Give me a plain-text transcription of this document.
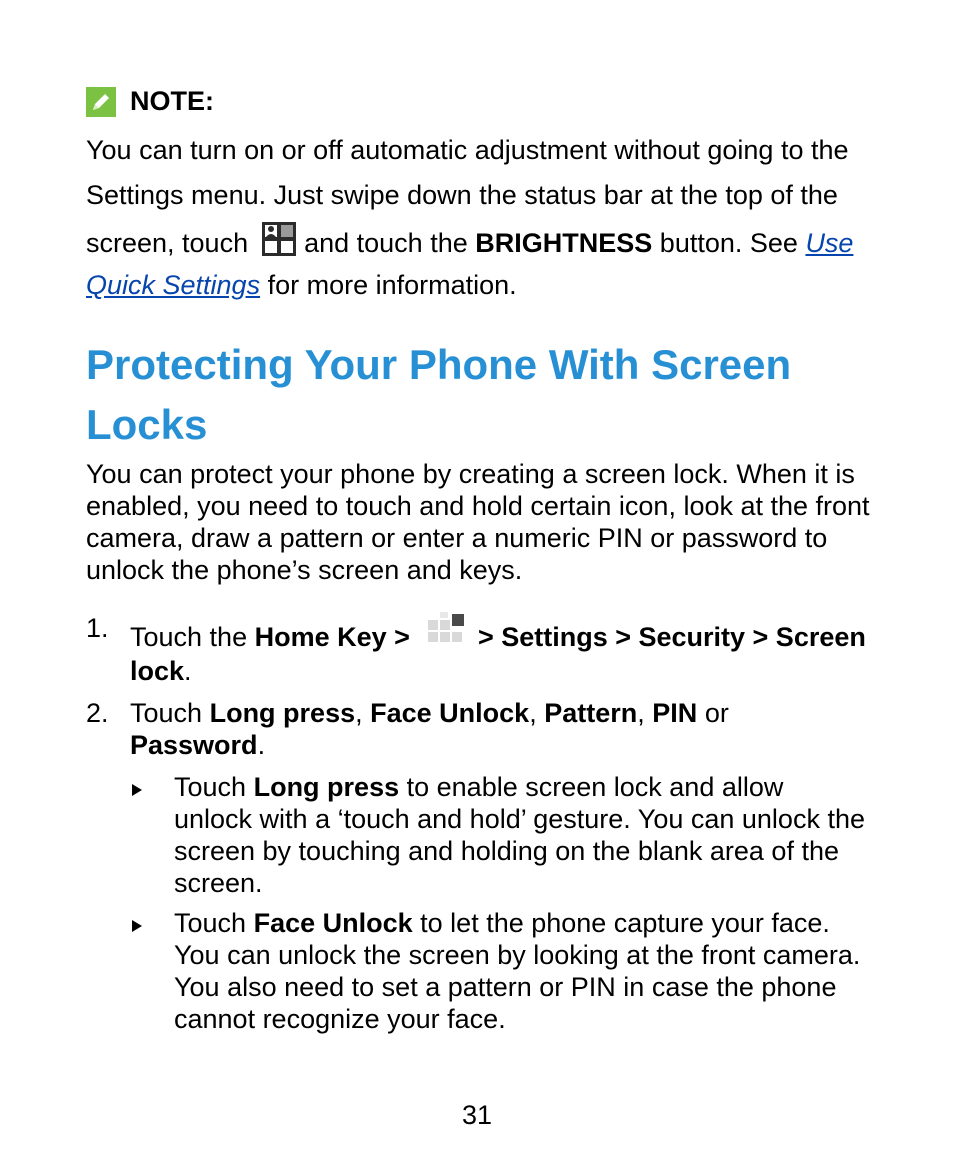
NOTE:
You can turn on or off automatic adjustment without going to the
Settings menu. Just swipe down the status bar at the top of the
screen, touch and touch the BRIGHTNESS button. See Use
Quick Settings for more information.
Protecting Your Phone With Screen
Locks
You can protect your phone by creating a screen lock. When it is
enabled, you need to touch and hold certain icon, look at the front
camera, draw a pattern or enter a numeric PIN or password to
unlock the phone’s screen and keys.
1. Touch the Home Key >	> Settings > Security > Screen
lock.
2. Touch Long press, Face Unlock, Pattern, PIN or
Password.
Touch Long press to enable screen lock and allow
unlock with a ‘touch and hold’ gesture. You can unlock the
screen by touching and holding on the blank area of the
screen.
Touch Face Unlock to let the phone capture your face.
You can unlock the screen by looking at the front camera.
You also need to set a pattern or PIN in case the phone
cannot recognize your face.
31
